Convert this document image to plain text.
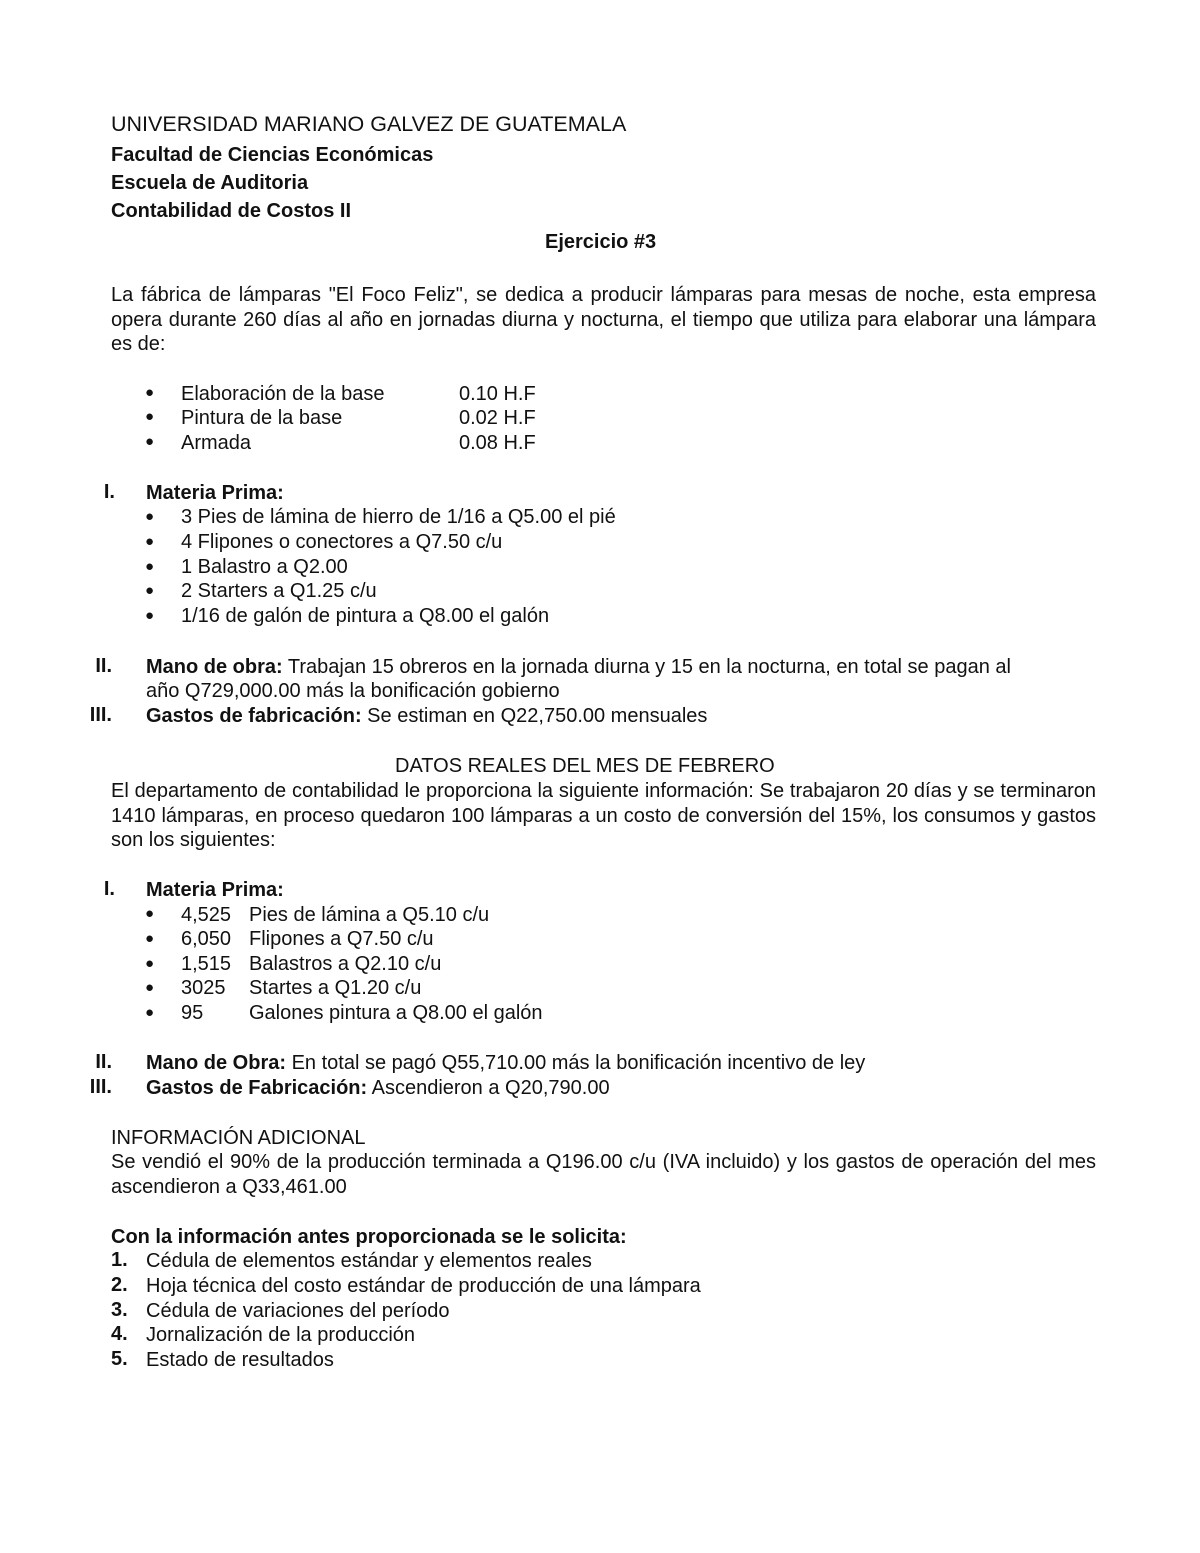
UNIVERSIDAD MARIANO GALVEZ DE GUATEMALA
Facultad de Ciencias Económicas
Escuela de Auditoria
Contabilidad de Costos II
Ejercicio #3
La fábrica de lámparas "El Foco Feliz", se dedica a producir lámparas para mesas de noche, esta empresa opera durante 260 días al año en jornadas diurna y nocturna, el tiempo que utiliza para elaborar una lámpara es de:
● Elaboración de la base	0.10 H.F
● Pintura de la base	0.02 H.F
● Armada	0.08 H.F
I. Materia Prima:
● 3 Pies de lámina de hierro de 1/16 a Q5.00 el pié
● 4 Flipones o conectores a Q7.50 c/u
● 1 Balastro a Q2.00
● 2 Starters a Q1.25 c/u
● 1/16 de galón de pintura a Q8.00 el galón
II. Mano de obra: Trabajan 15 obreros en la jornada diurna y 15 en la nocturna, en total se pagan al
año Q729,000.00 más la bonificación gobierno
III. Gastos de fabricación: Se estiman en Q22,750.00 mensuales
DATOS REALES DEL MES DE FEBRERO
El departamento de contabilidad le proporciona la siguiente información: Se trabajaron 20 días y se terminaron 1410 lámparas, en proceso quedaron 100 lámparas a un costo de conversión del 15%, los consumos y gastos son los siguientes:
I. Materia Prima:
● 4,525 Pies de lámina a Q5.10 c/u
● 6,050 Flipones a Q7.50 c/u
● 1,515 Balastros a Q2.10 c/u
● 3025 Startes a Q1.20 c/u
● 95 Galones pintura a Q8.00 el galón
II. Mano de Obra: En total se pagó Q55,710.00 más la bonificación incentivo de ley
III. Gastos de Fabricación: Ascendieron a Q20,790.00
INFORMACIÓN ADICIONAL
Se vendió el 90% de la producción terminada a Q196.00 c/u (IVA incluido) y los gastos de operación del mes ascendieron a Q33,461.00
Con la información antes proporcionada se le solicita:
1. Cédula de elementos estándar y elementos reales
2. Hoja técnica del costo estándar de producción de una lámpara
3. Cédula de variaciones del período
4. Jornalización de la producción
5. Estado de resultados
